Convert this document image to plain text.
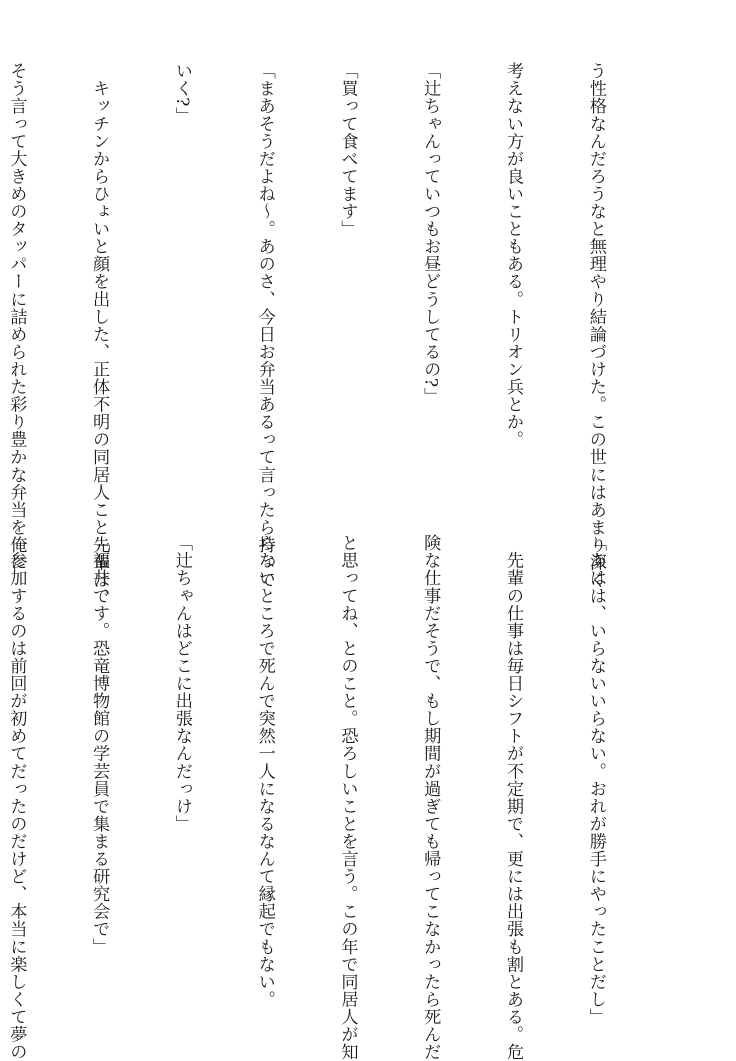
う性格なんだろうなと無理やり結論づけた。この世にはあまり深く

考えない方が良いこともある。トリオン兵とか。

「辻ちゃんっていつもお昼どうしてるの?」

「買って食べてます」

「まあそうだよね～。あのさ、今日お弁当あるって言ったら持って

いく?」

　キッチンからひょいと顔を出した、正体不明の同居人こと先輩は、

そう言って大きめのタッパーに詰められた彩り豊かな弁当を俺に

「あはは、いらないいらない。おれが勝手にやったことだし」

　先輩の仕事は毎日シフトが不定期で、更には出張も割とある。危

険な仕事だそうで、もし期間が過ぎても帰ってこなかったら死んだ

と思ってね、とのこと。恐ろしいことを言う。この年で同居人が知

らないところで死んで突然一人になるなんて縁起でもない。

「辻ちゃんはどこに出張なんだっけ」

「福井です。恐竜博物館の学芸員で集まる研究会で」

　参加するのは前回が初めてだったのだけど、本当に楽しくて夢の
